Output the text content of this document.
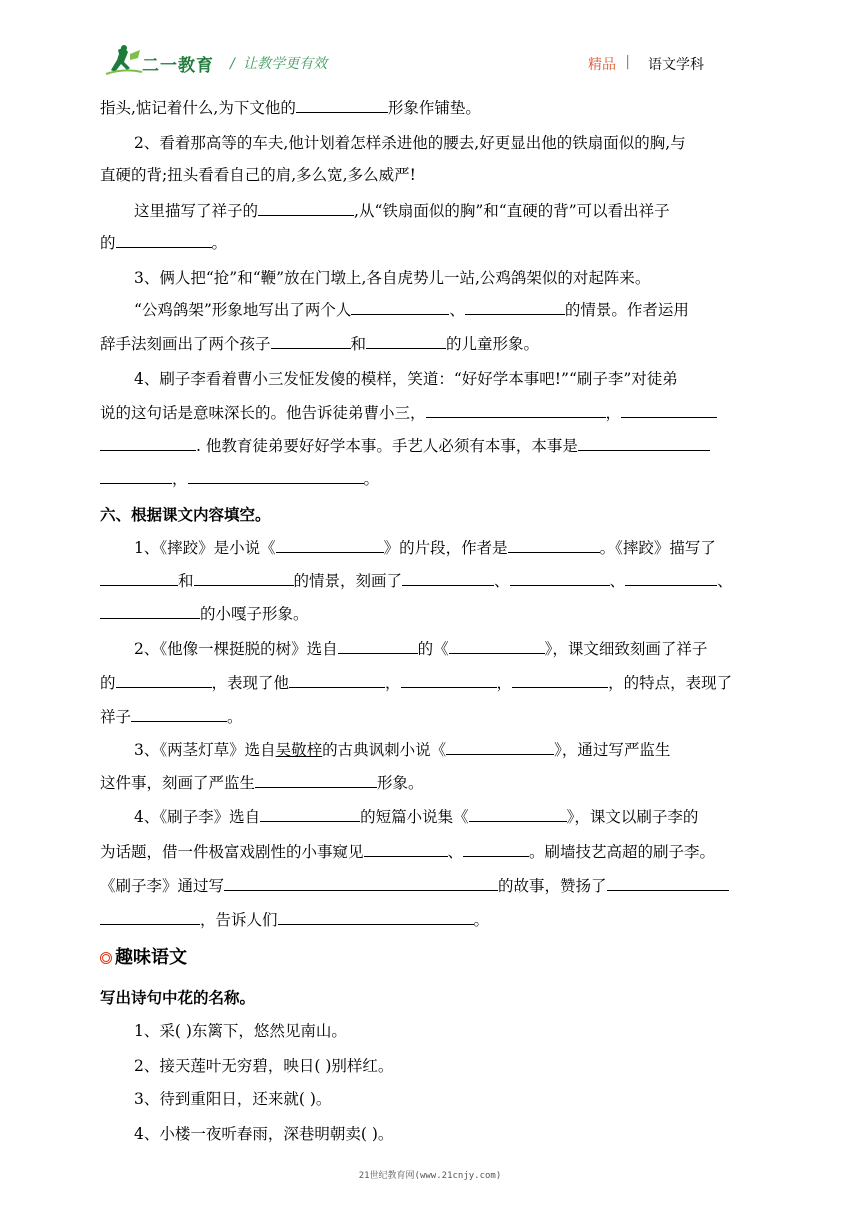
二一教育 / 让教学更有效	精品 | 语文学科
指头,惦记着什么,为下文他的	形象作铺垫。
2、看着那高等的车夫,他计划着怎样杀进他的腰去,好更显出他的铁扇面似的胸,与
直硬的背;扭头看看自己的肩,多么宽,多么威严!
这里描写了祥子的	,从“铁扇面似的胸”和“直硬的背”可以看出祥子
的	。
3、俩人把“抢”和“鞭”放在门墩上,各自虎势儿一站,公鸡鸽架似的对起阵来。
“公鸡鸽架”形象地写出了两个人	、	的情景。作者运用
辞手法刻画出了两个孩子	和	的儿童形象。
4、刷子李看着曹小三发怔发傻的模样，笑道：“好好学本事吧!”“刷子李”对徒弟
说的这句话是意味深长的。他告诉徒弟曹小三，	，
. 他教育徒弟要好好学本事。手艺人必须有本事，本事是
，	。
六、根据课文内容填空。
1、《摔跤》是小说《	》的片段，作者是	。《摔跤》描写了
和	的情景，刻画了	、	、	、
的小嘎子形象。
2、《他像一棵挺脱的树》选自	的《	》，课文细致刻画了祥子
的	，表现了他	，	，	，的特点，表现了
祥子	。
3、《两茎灯草》选自吴敬梓的古典讽刺小说《	》，通过写严监生
这件事，刻画了严监生	形象。
4、《刷子李》选自	的短篇小说集《	》，课文以刷子李的
为话题，借一件极富戏剧性的小事窥见	、	。刷墙技艺高超的刷子李。
《刷子李》通过写	的故事，赞扬了
，告诉人们	。
趣味语文
写出诗句中花的名称。
1、采( )东篱下，悠然见南山。
2、接天莲叶无穷碧，映日( )别样红。
3、待到重阳日，还来就( )。
4、小楼一夜听春雨，深巷明朝卖( )。
21世纪教育网(www.21cnjy.com)
